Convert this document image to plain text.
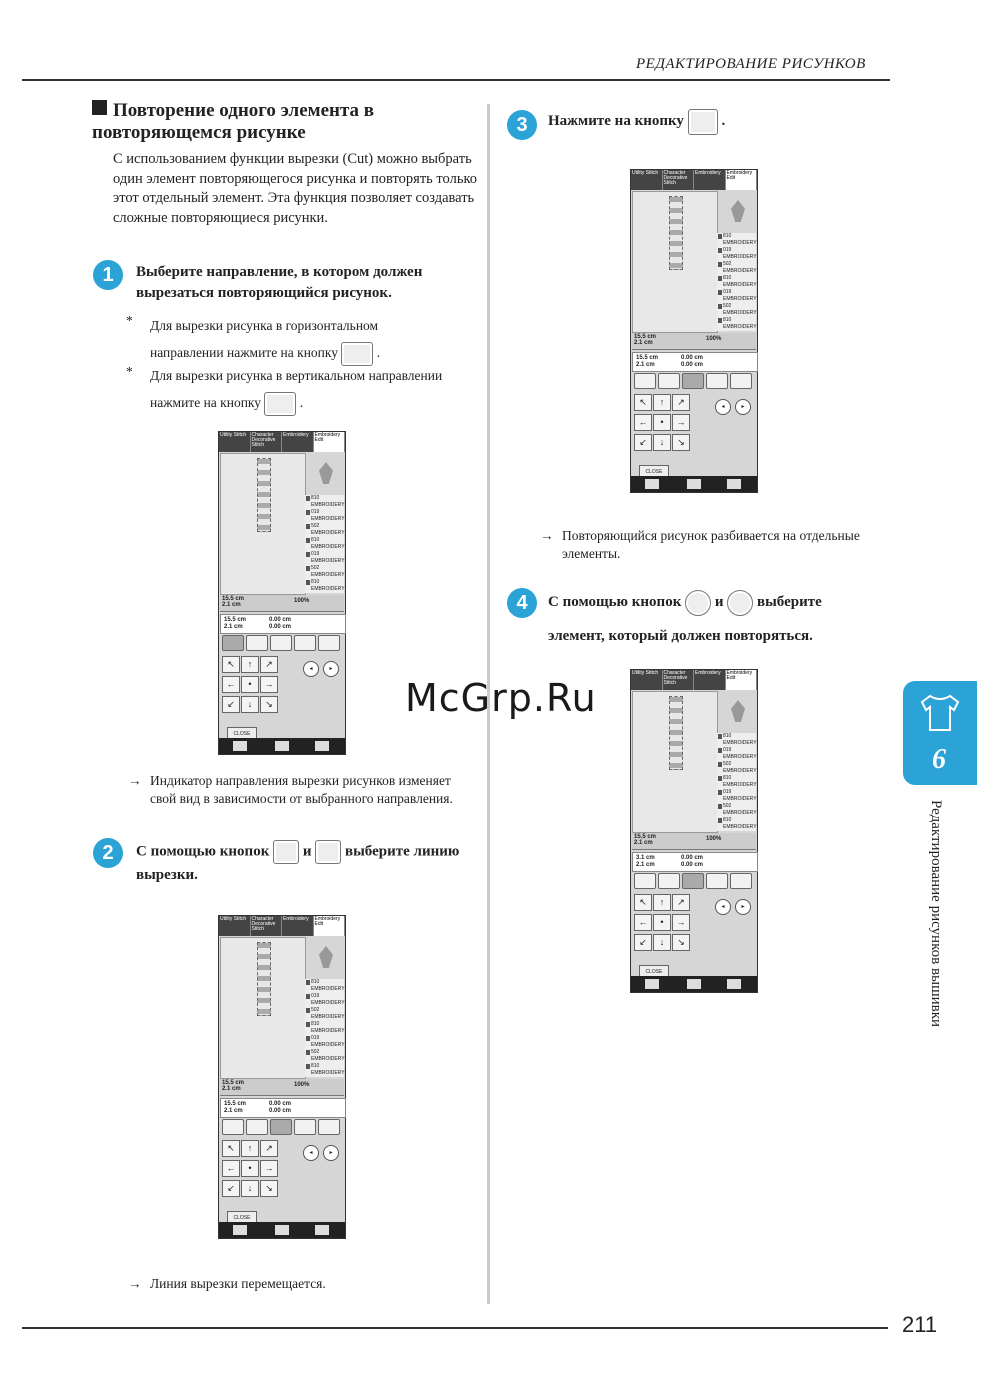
РЕДАКТИРОВАНИЕ РИСУНКОВ
Повторение одного элемента в повторяющемся рисунке
С использованием функции вырезки (Cut) можно выбрать один элемент повторяющегося рисунка и повторять только этот отдельный элемент. Эта функция позволяет создавать сложные повторяющиеся рисунки.
1	Выберите направление, в котором должен вырезаться повторяющийся рисунок.
* Для вырезки рисунка в горизонтальном направлении нажмите на кнопку	.
* Для вырезки рисунка в вертикальном направлении нажмите на кнопку	.
Utility Stitch	Character Decorative Stitch
Embroidery	Embroidery Edit
810 EMBROIDERY
019 EMBROIDERY
502 EMBROIDERY
810 EMBROIDERY
019 EMBROIDERY
502 EMBROIDERY
810 EMBROIDERY
15.5 cm
2.1 cm
100%
15.5 cm
2.1 cm
0.00 cm
0.00 cm
↖	↑	↗
←	•	→
↙	↓	↘
◂	▸
CLOSE
→ Индикатор направления вырезки рисунков изменяет свой вид в зависимости от выбранного направления.
2	С помощью кнопок и выберите линию вырезки.
Utility Stitch	Character Decorative Stitch
Embroidery	Embroidery Edit
810 EMBROIDERY
019 EMBROIDERY
502 EMBROIDERY
810 EMBROIDERY
019 EMBROIDERY
502 EMBROIDERY
810 EMBROIDERY
15.5 cm
2.1 cm
100%
15.5 cm
2.1 cm
0.00 cm
0.00 cm
↖	↑	↗
←	•	→
↙	↓	↘
◂	▸
CLOSE
→ Линия вырезки перемещается.
3	Нажмите на кнопку  .
Utility Stitch	Character Decorative Stitch
Embroidery	Embroidery Edit
810 EMBROIDERY
019 EMBROIDERY
502 EMBROIDERY
810 EMBROIDERY
019 EMBROIDERY
502 EMBROIDERY
810 EMBROIDERY
15.5 cm
2.1 cm
100%
15.5 cm
2.1 cm
0.00 cm
0.00 cm
↖	↑	↗
←	•	→
↙	↓	↘
◂	▸
CLOSE
→ Повторяющийся рисунок разбивается на отдельные элементы.
4	С помощью кнопок и выберите
элемент, который должен повторяться.
Utility Stitch	Character Decorative Stitch
Embroidery	Embroidery Edit
810 EMBROIDERY
019 EMBROIDERY
502 EMBROIDERY
810 EMBROIDERY
019 EMBROIDERY
502 EMBROIDERY
810 EMBROIDERY
15.5 cm
2.1 cm
100%
3.1 cm
2.1 cm
0.00 cm
0.00 cm
↖	↑	↗
←	•	→
↙	↓	↘
◂	▸
CLOSE
6
Редактирование рисунков вышивки
McGrp.Ru
211
